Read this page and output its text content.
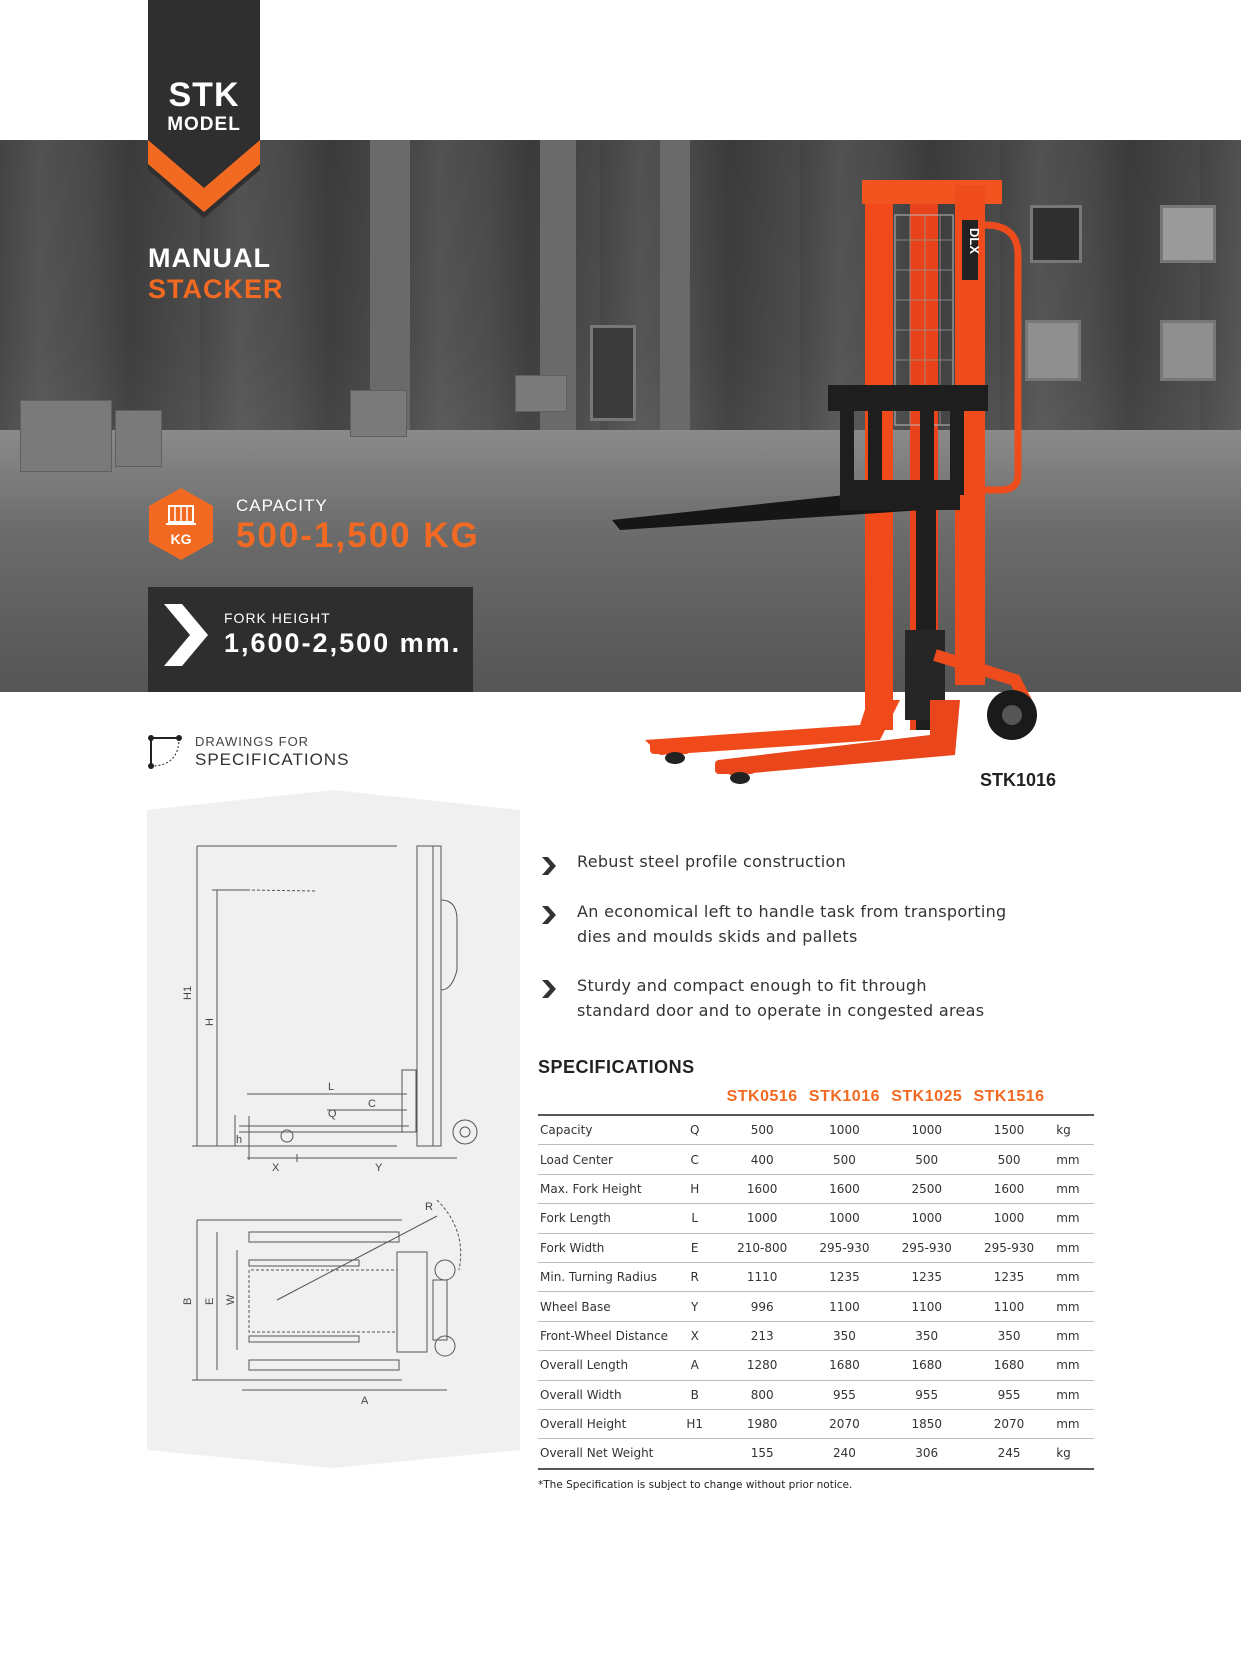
STK
MODEL
MANUAL
STACKER
KG
CAPACITY
500-1,500 KG
FORK HEIGHT
1,600-2,500 mm.
DLX
STK1016
DRAWINGS FOR
SPECIFICATIONS
H1
H
L
C
Q
h
X	Y
R
B E W
A
Rebust steel profile construction
An economical left to handle task from transporting
dies and moulds skids and pallets
Sturdy and compact enough to fit through
standard door and to operate in congested areas
SPECIFICATIONS
		STK0516	STK1016	STK1025	STK1516	
Capacity	Q	500	1000	1000	1500	kg
Load Center	C	400	500	500	500	mm
Max. Fork Height	H	1600	1600	2500	1600	mm
Fork Length	L	1000	1000	1000	1000	mm
Fork Width	E	210-800	295-930	295-930	295-930	mm
Min. Turning Radius	R	1110	1235	1235	1235	mm
Wheel Base	Y	996	1100	1100	1100	mm
Front-Wheel Distance	X	213	350	350	350	mm
Overall Length	A	1280	1680	1680	1680	mm
Overall Width	B	800	955	955	955	mm
Overall Height	H1	1980	2070	1850	2070	mm
Overall Net Weight		155	240	306	245	kg
*The Specification is subject to change without prior notice.
